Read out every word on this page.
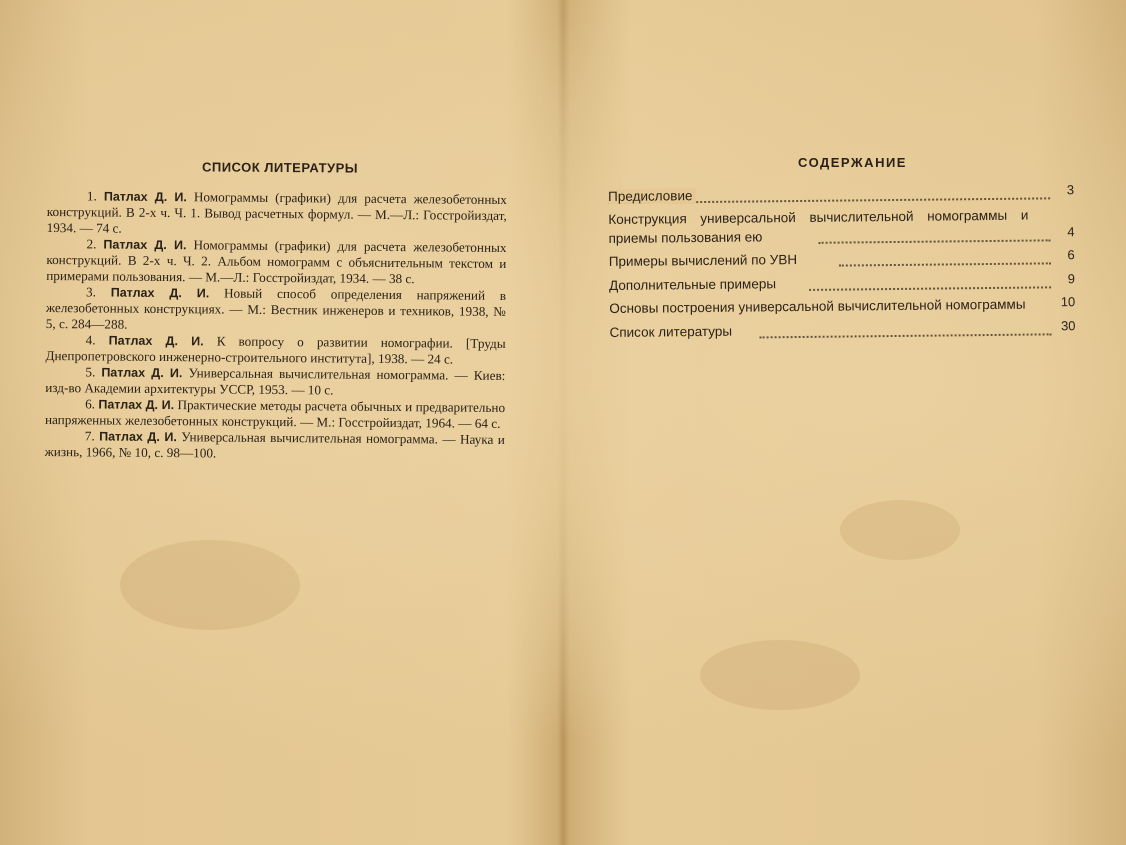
СПИСОК ЛИТЕРАТУРЫ

1. Патлах Д. И. Номограммы (графики) для расчета железобетонных конструкций. В 2-х ч. Ч. 1. Вывод расчетных формул. — М.—Л.: Госстройиздат, 1934. — 74 с.

2. Патлах Д. И. Номограммы (графики) для расчета железобетонных конструкций. В 2-х ч. Ч. 2. Альбом номограмм с объяснительным текстом и примерами пользования. — М.—Л.: Госстройиздат, 1934. — 38 с.

3. Патлах Д. И. Новый способ определения напряжений в железобетонных конструкциях. — М.: Вестник инженеров и техников, 1938, № 5, с. 284—288.

4. Патлах Д. И. К вопросу о развитии номографии. [Труды Днепропетровского инженерно-строительного института], 1938. — 24 с.

5. Патлах Д. И. Универсальная вычислительная номограмма. — Киев: изд-во Академии архитектуры УССР, 1953. — 10 с.

6. Патлах Д. И. Практические методы расчета обычных и предварительно напряженных железобетонных конструкций. — М.: Госстройиздат, 1964. — 64 с.

7. Патлах Д. И. Универсальная вычислительная номограмма. — Наука и жизнь, 1966, № 10, с. 98—100.

СОДЕРЖАНИЕ
Предисловие	3
Конструкция универсальной вычислительной номограммы и приемы пользования ею	4
Примеры вычислений по УВН	6
Дополнительные примеры	9
Основы построения универсальной вычислительной номограммы	10
Список литературы	30
